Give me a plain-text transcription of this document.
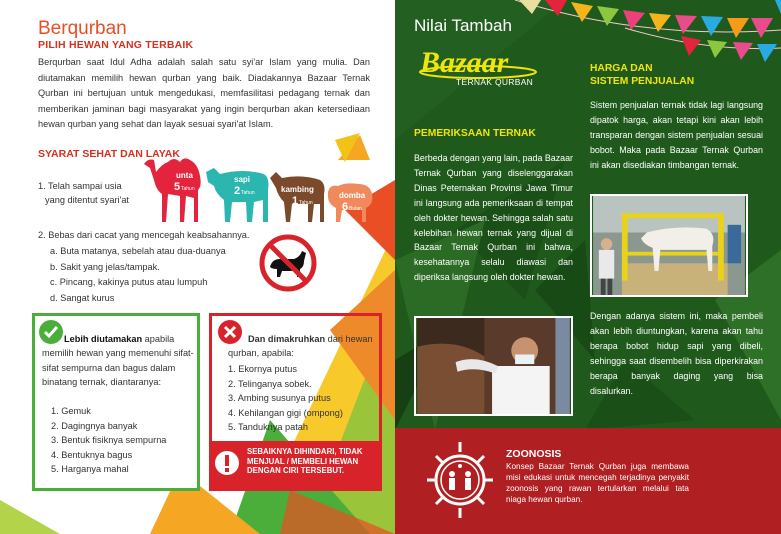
Berqurban
PILIH HEWAN YANG TERBAIK
Berqurban saat Idul Adha adalah salah satu syi'ar Islam yang mulia. Dan diutamakan memilih hewan qurban yang baik. Diadakannya Bazaar Ternak Qurban ini bertujuan untuk mengedukasi, memfasilitasi pedagang ternak dan memberikan jaminan bagi masyarakat yang ingin berqurban akan ketersediaan hewan qurban yang sehat dan layak sesuai syari'at Islam.
SYARAT SEHAT DAN LAYAK
1. Telah sampai usia
yang ditentut syari'at
unta
5 Tahun
sapi
2 Tahun	kambing
1 Tahun
domba
6 Bulan
2. Bebas dari cacat yang mencegah keabsahannya.
a. Buta matanya, sebelah atau dua-duanya
b. Sakit yang jelas/tampak.
c. Pincang, kakinya putus atau lumpuh
d. Sangat kurus
Lebih diutamakan apabila memilih hewan yang memenuhi sifat-sifat sempurna dan bagus dalam binatang ternak, diantaranya:
1. Gemuk
2. Dagingnya banyak
3. Bentuk fisiknya sempurna
4. Bentuknya bagus
5. Harganya mahal
Dan dimakruhkan dari hewan qurban, apabila:
1. Ekornya putus
2. Telinganya sobek.
3. Ambing susunya putus
4. Kehilangan gigi (ompong)
5. Tanduknya patah
SEBAIKNYA DIHINDARI, TIDAK MENJUAL / MEMBELI HEWAN DENGAN CIRI TERSEBUT.
Nilai Tambah
Bazaar
TERNAK QURBAN
PEMERIKSAAN TERNAK
Berbeda dengan yang lain, pada Bazaar Ternak Qurban yang diselenggarakan Dinas Peternakan Provinsi Jawa Timur ini langsung ada pemeriksaan di tempat oleh dokter hewan. Sehingga salah satu kelebihan hewan ternak yang dijual di Bazaar Ternak Qurban ini bahwa, kesehatannya selalu diawasi dan diperiksa langsung oleh dokter hewan.
HARGA DAN
SISTEM PENJUALAN
Sistem penjualan ternak tidak lagi langsung dipatok harga, akan tetapi kini akan lebih transparan dengan sistem penjualan sesuai bobot. Maka pada Bazaar Ternak Qurban ini akan disediakan timbangan ternak.
Dengan adanya sistem ini, maka pembeli akan lebih diuntungkan, karena akan tahu berapa bobot hidup sapi yang dibeli, sehingga saat disembelih bisa diperkirakan berapa banyak daging yang bisa disalurkan.
ZOONOSIS
Konsep Bazaar Ternak Qurban juga membawa misi edukasi untuk mencegah terjadinya penyakit zoonosis yang rawan tertularkan melalui tata niaga hewan qurban.
